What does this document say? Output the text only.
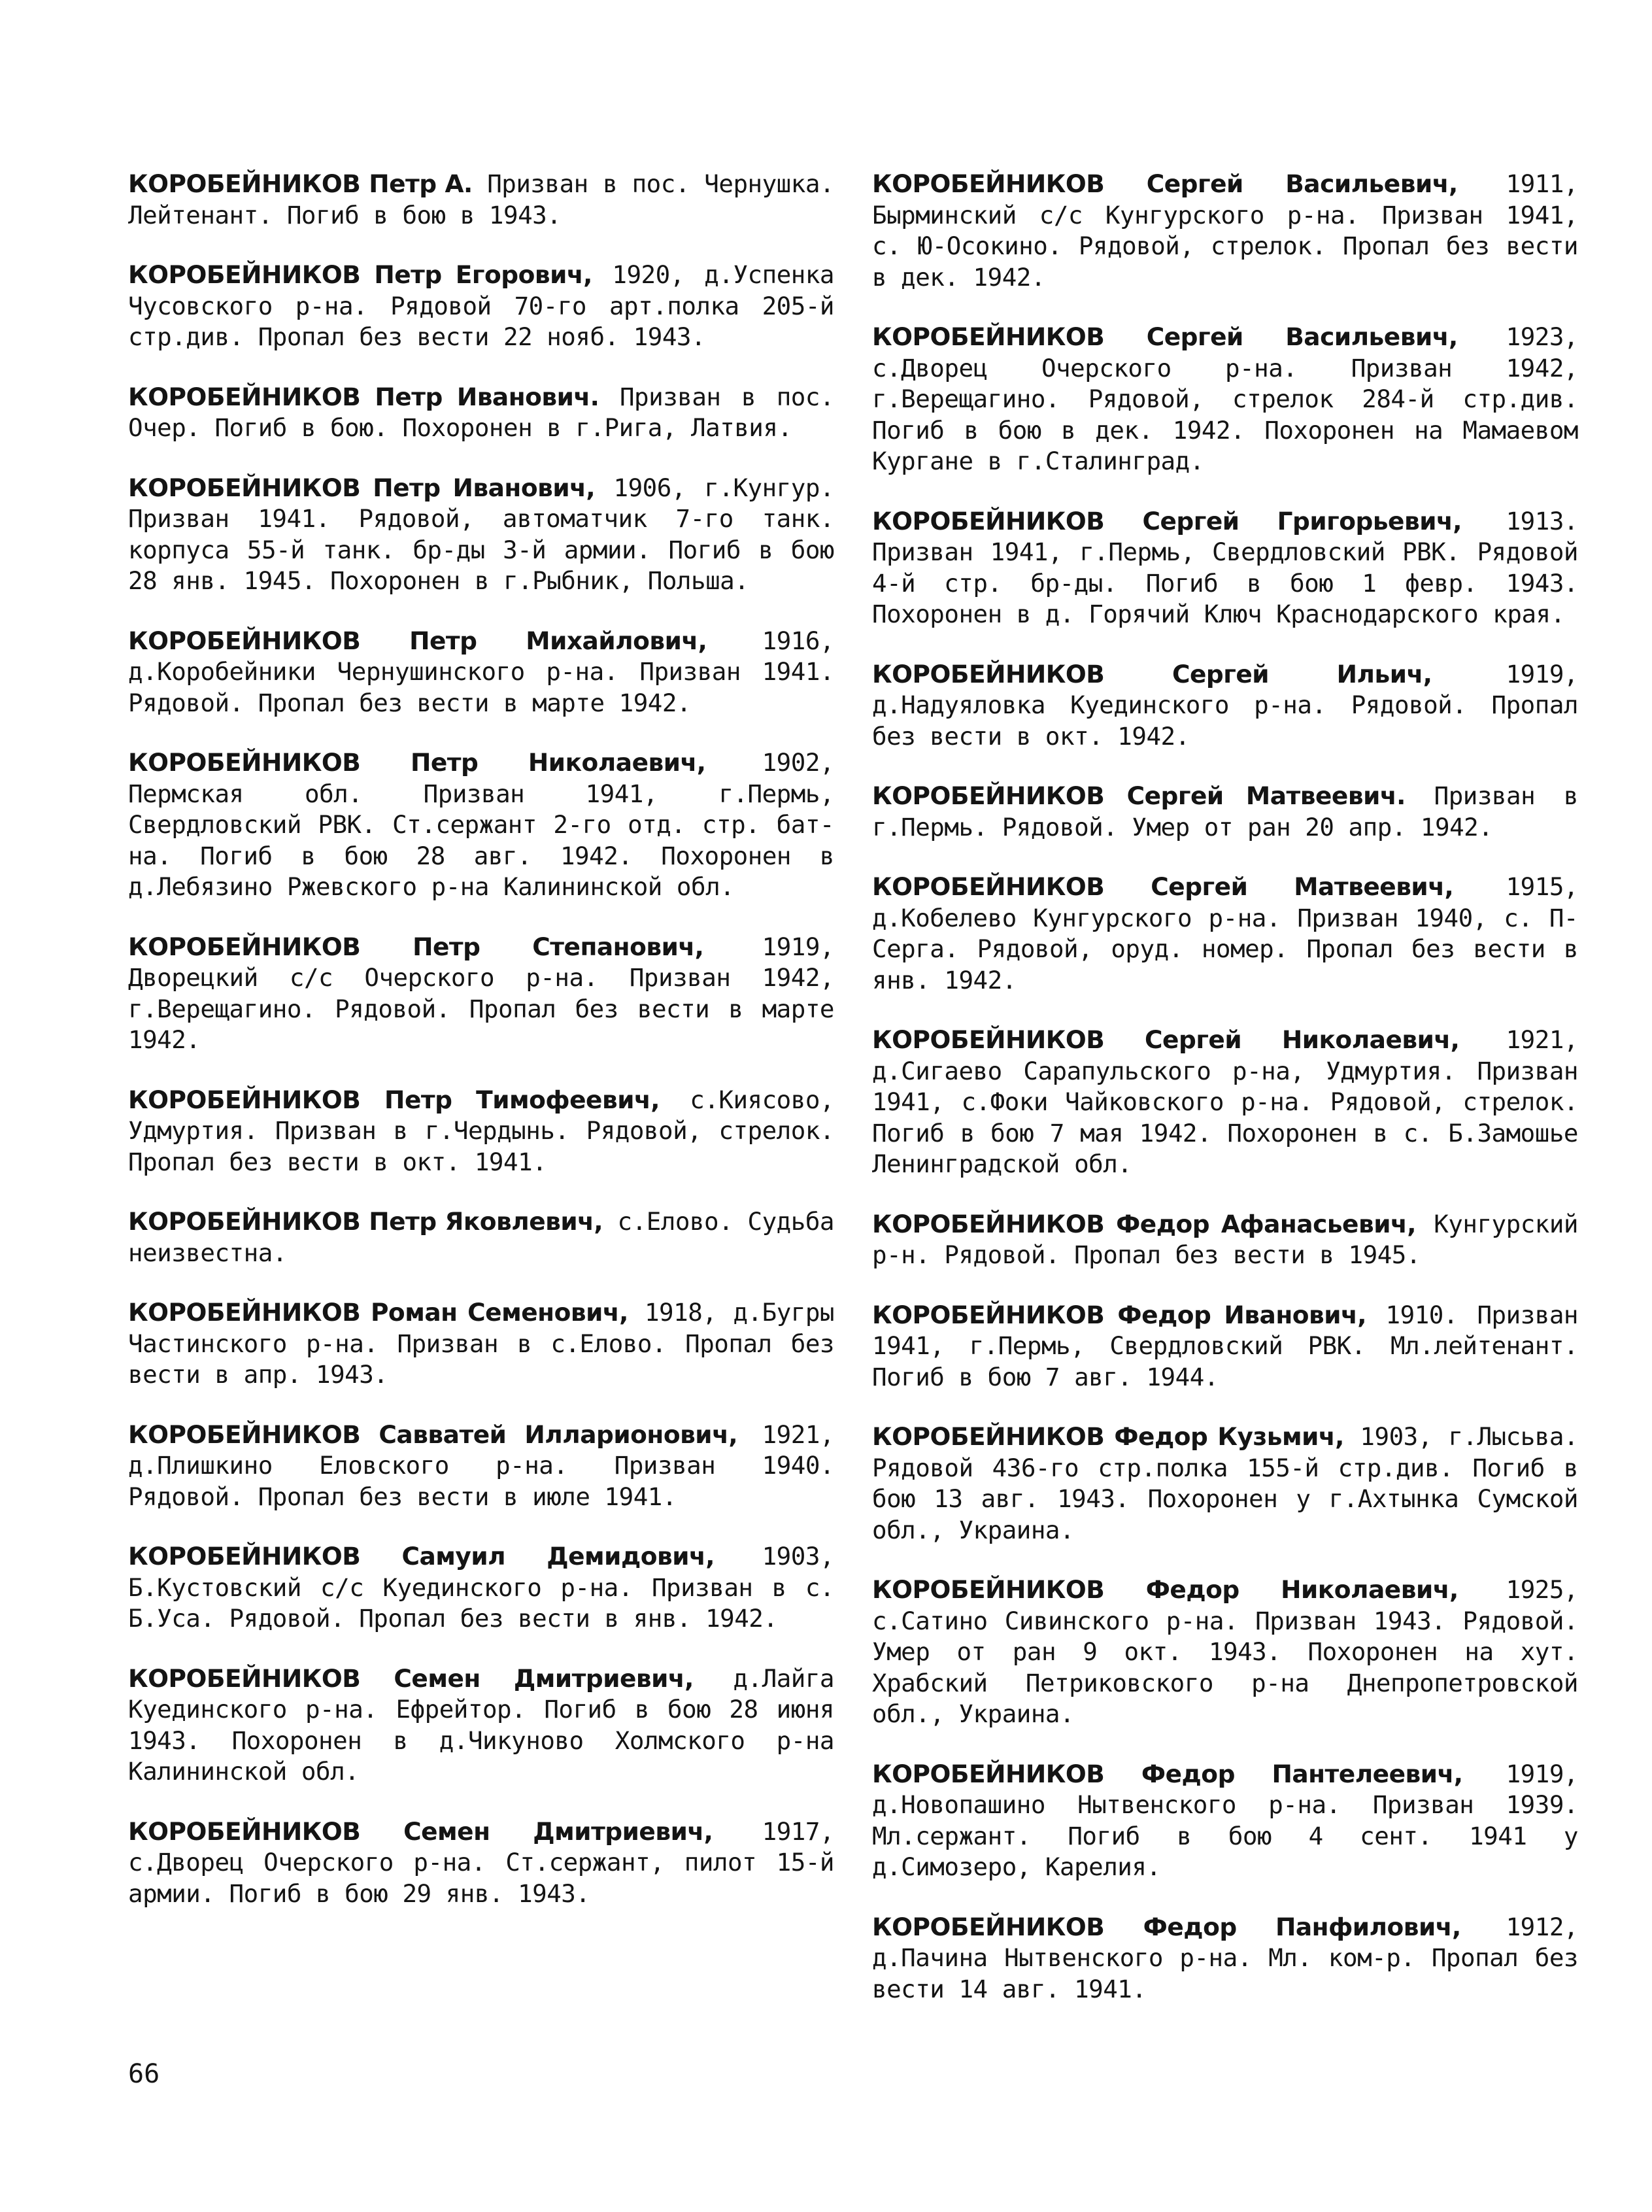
КОРОБЕЙНИКОВ Петр А. Призван в пос. Чернушка. Лейтенант. Погиб в бою в 1943.

КОРОБЕЙНИКОВ Петр Егорович, 1920, д.Успенка Чусовского р-на. Рядовой 70-го арт.полка 205-й стр.див. Пропал без вести 22 нояб. 1943.

КОРОБЕЙНИКОВ Петр Иванович. Призван в пос. Очер. Погиб в бою. Похоронен в г.Рига, Латвия.

КОРОБЕЙНИКОВ Петр Иванович, 1906, г.Кунгур. Призван 1941. Рядовой, автоматчик 7-го танк. корпуса 55-й танк. бр-ды 3-й армии. Погиб в бою 28 янв. 1945. Похоронен в г.Рыбник, Польша.

КОРОБЕЙНИКОВ Петр Михайлович, 1916, д.Коробейники Чернушинского р-на. Призван 1941. Рядовой. Пропал без вести в марте 1942.

КОРОБЕЙНИКОВ Петр Николаевич, 1902, Пермская обл. Призван 1941, г.Пермь, Свердловский РВК. Ст.сержант 2-го отд. стр. бат-на. Погиб в бою 28 авг. 1942. Похоронен в д.Лебязино Ржевского р-на Калининской обл.

КОРОБЕЙНИКОВ Петр Степанович, 1919, Дворецкий с/с Очерского р-на. Призван 1942, г.Верещагино. Рядовой. Пропал без вести в марте 1942.

КОРОБЕЙНИКОВ Петр Тимофеевич, с.Киясово, Удмуртия. Призван в г.Чердынь. Рядовой, стрелок. Пропал без вести в окт. 1941.

КОРОБЕЙНИКОВ Петр Яковлевич, с.Елово. Судьба неизвестна.

КОРОБЕЙНИКОВ Роман Семенович, 1918, д.Бугры Частинского р-на. Призван в с.Елово. Пропал без вести в апр. 1943.

КОРОБЕЙНИКОВ Савватей Илларионович, 1921, д.Плишкино Еловского р-на. Призван 1940. Рядовой. Пропал без вести в июле 1941.

КОРОБЕЙНИКОВ Самуил Демидович, 1903, Б.Кустовский с/с Куединского р-на. Призван в с. Б.Уса. Рядовой. Пропал без вести в янв. 1942.

КОРОБЕЙНИКОВ Семен Дмитриевич, д.Лайга Куединского р-на. Ефрейтор. Погиб в бою 28 июня 1943. Похоронен в д.Чикуново Холмского р-на Калининской обл.

КОРОБЕЙНИКОВ Семен Дмитриевич, 1917, с.Дворец Очерского р-на. Ст.сержант, пилот 15-й армии. Погиб в бою 29 янв. 1943.

КОРОБЕЙНИКОВ Сергей Васильевич, 1911, Бырминский с/с Кунгурского р-на. Призван 1941, с. Ю-Осокино. Рядовой, стрелок. Пропал без вести в дек. 1942.

КОРОБЕЙНИКОВ Сергей Васильевич, 1923, с.Дворец Очерского р-на. Призван 1942, г.Верещагино. Рядовой, стрелок 284-й стр.див. Погиб в бою в дек. 1942. Похоронен на Мамаевом Кургане в г.Сталинград.

КОРОБЕЙНИКОВ Сергей Григорьевич, 1913. Призван 1941, г.Пермь, Свердловский РВК. Рядовой 4-й стр. бр-ды. Погиб в бою 1 февр. 1943. Похоронен в д. Горячий Ключ Краснодарского края.

КОРОБЕЙНИКОВ Сергей Ильич,	1919, д.Надуяловка Куединского р-на. Рядовой. Пропал без вести в окт. 1942.

КОРОБЕЙНИКОВ Сергей Матвеевич. Призван в г.Пермь. Рядовой. Умер от ран 20 апр. 1942.

КОРОБЕЙНИКОВ Сергей Матвеевич, 1915, д.Кобелево Кунгурского р-на. Призван 1940, с. П-Серга. Рядовой, оруд. номер. Пропал без вести в янв. 1942.

КОРОБЕЙНИКОВ Сергей Николаевич, 1921, д.Сигаево Сарапульского р-на, Удмуртия. Призван 1941, с.Фоки Чайковского р-на. Рядовой, стрелок. Погиб в бою 7 мая 1942. Похоронен в с. Б.Замошье Ленинградской обл.

КОРОБЕЙНИКОВ Федор Афанасьевич, Кунгурский р-н. Рядовой. Пропал без вести в 1945.

КОРОБЕЙНИКОВ Федор Иванович, 1910. Призван 1941, г.Пермь, Свердловский РВК. Мл.лейтенант. Погиб в бою 7 авг. 1944.

КОРОБЕЙНИКОВ Федор Кузьмич, 1903, г.Лысьва. Рядовой 436-го стр.полка 155-й стр.див. Погиб в бою 13 авг. 1943. Похоронен у г.Ахтынка Сумской обл., Украина.

КОРОБЕЙНИКОВ Федор Николаевич, 1925, с.Сатино Сивинского р-на. Призван 1943. Рядовой. Умер от ран 9 окт. 1943. Похоронен на хут. Храбский Петриковского р-на Днепропетровской обл., Украина.

КОРОБЕЙНИКОВ Федор Пантелеевич, 1919, д.Новопашино Нытвенского р-на. Призван 1939. Мл.сержант. Погиб в бою 4 сент. 1941 у д.Симозеро, Карелия.

КОРОБЕЙНИКОВ Федор Панфилович, 1912, д.Пачина Нытвенского р-на. Мл. ком-р. Пропал без вести 14 авг. 1941.

66
